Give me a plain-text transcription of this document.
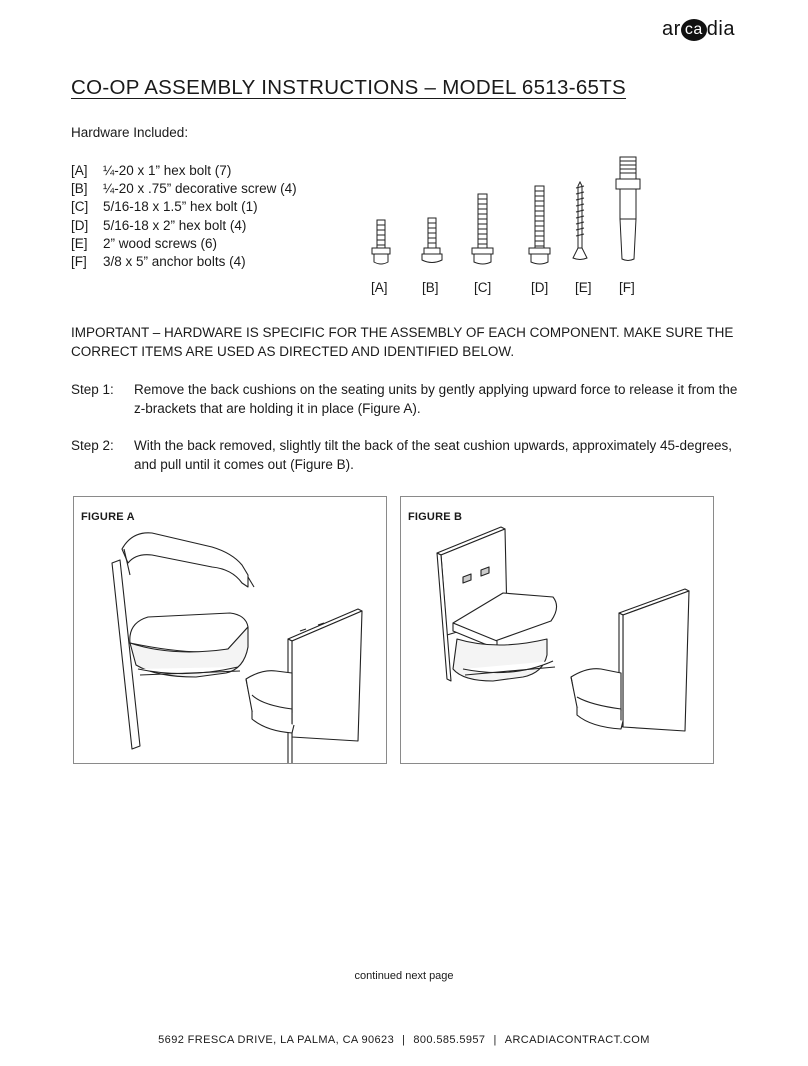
ar ca dia
CO-OP ASSEMBLY INSTRUCTIONS – MODEL 6513-65TS
Hardware Included:
[A]	¼-20 x 1” hex bolt (7)
[B]	¼-20 x .75” decorative screw (4)
[C]	5/16-18 x 1.5” hex bolt (1)
[D]	5/16-18 x 2” hex bolt (4)
[E]	2” wood screws (6)
[F]	3/8 x 5” anchor bolts (4)
[A]	[B]	[C]	[D] [E] [F]

IMPORTANT – HARDWARE IS SPECIFIC FOR THE ASSEMBLY OF EACH COMPONENT. MAKE SURE THE CORRECT ITEMS ARE USED AS DIRECTED AND IDENTIFIED BELOW.

Step 1:	Remove the back cushions on the seating units by gently applying upward force to release it from the z-brackets that are holding it in place (Figure A).
Step 2:	With the back removed, slightly tilt the back of the seat cushion upwards, approximately 45-degrees, and pull until it comes out (Figure B).
FIGURE A	FIGURE B
continued next page
5692 FRESCA DRIVE, LA PALMA, CA 90623 | 800.585.5957 | ARCADIACONTRACT.COM
